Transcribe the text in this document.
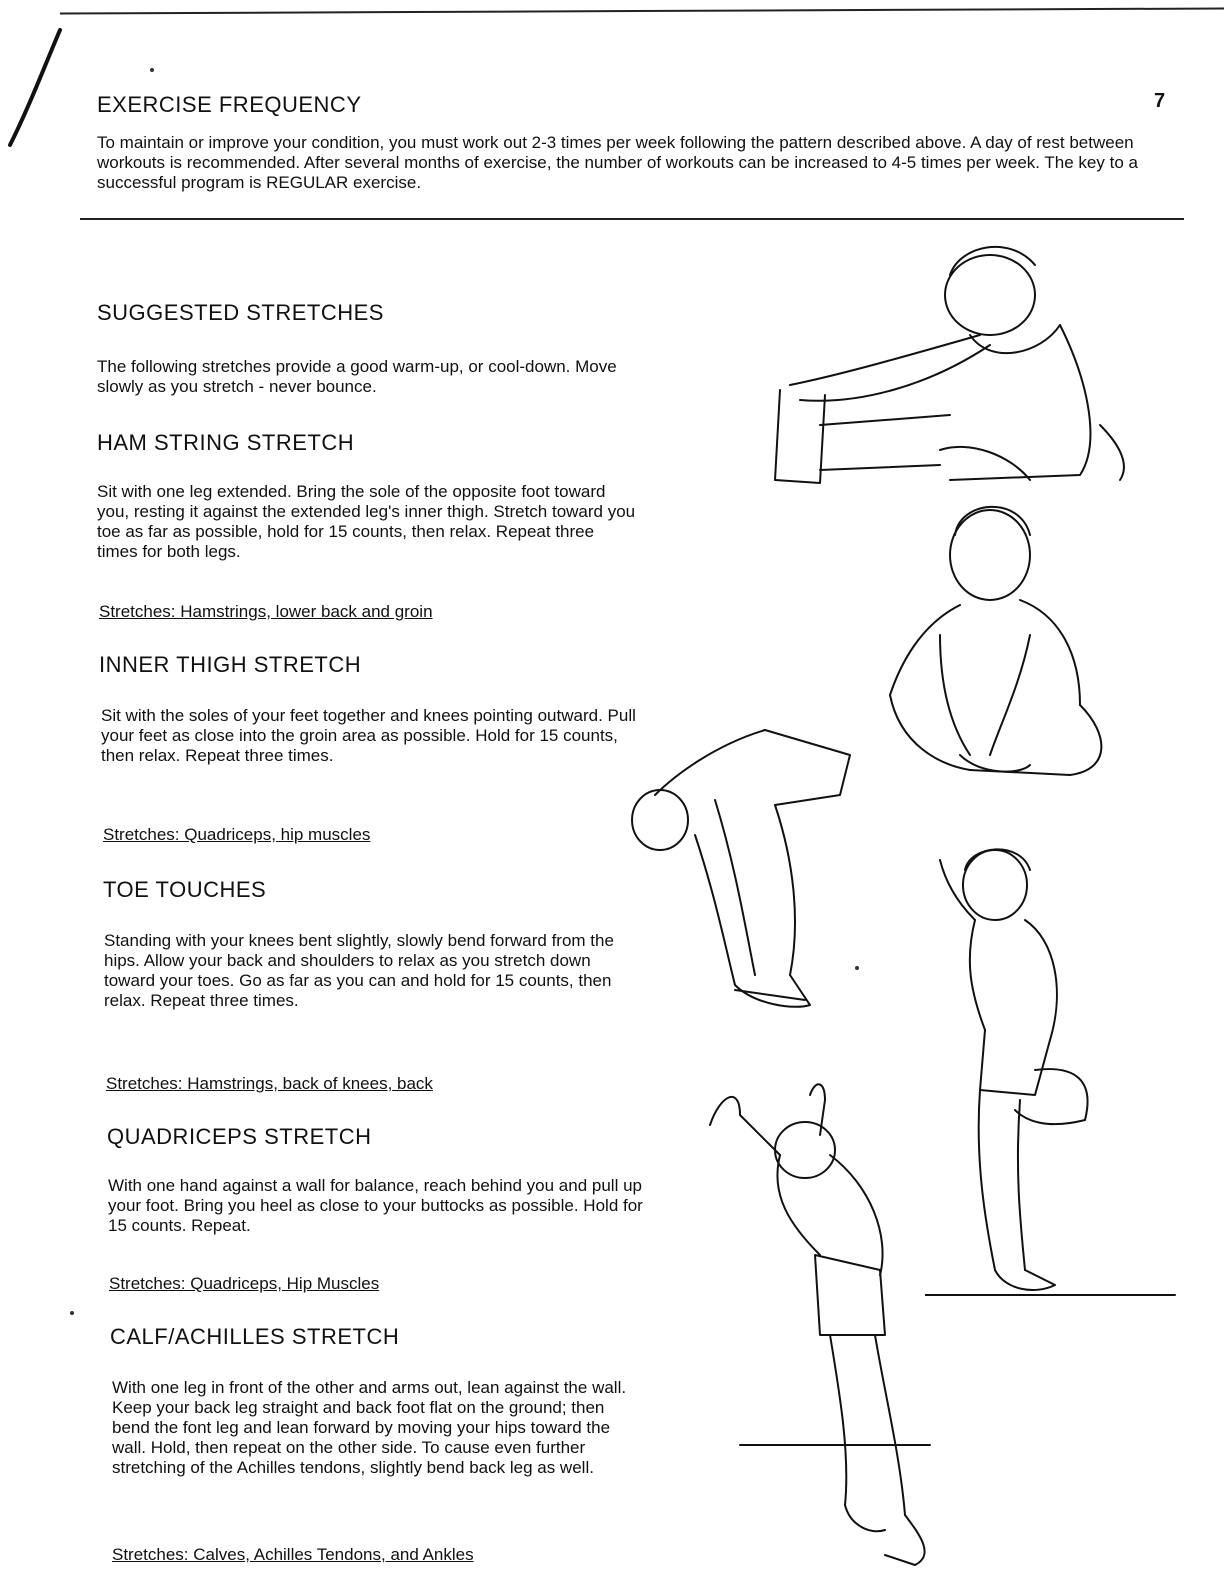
EXERCISE FREQUENCY	7

To maintain or improve your condition, you must work out 2-3 times per week following the pattern described above. A day of rest between workouts is recommended. After several months of exercise, the number of workouts can be increased to 4-5 times per week. The key to a successful program is REGULAR exercise.

SUGGESTED STRETCHES

The following stretches provide a good warm-up, or cool-down. Move slowly as you stretch - never bounce.

HAM STRING STRETCH

Sit with one leg extended. Bring the sole of the opposite foot toward you, resting it against the extended leg's inner thigh. Stretch toward you toe as far as possible, hold for 15 counts, then relax. Repeat three times for both legs.

Stretches: Hamstrings, lower back and groin

INNER THIGH STRETCH

Sit with the soles of your feet together and knees pointing outward. Pull your feet as close into the groin area as possible. Hold for 15 counts, then relax. Repeat three times.

Stretches: Quadriceps, hip muscles

TOE TOUCHES

Standing with your knees bent slightly, slowly bend forward from the hips. Allow your back and shoulders to relax as you stretch down toward your toes. Go as far as you can and hold for 15 counts, then relax. Repeat three times.

Stretches: Hamstrings, back of knees, back

QUADRICEPS STRETCH

With one hand against a wall for balance, reach behind you and pull up your foot. Bring you heel as close to your buttocks as possible. Hold for 15 counts. Repeat.

Stretches: Quadriceps, Hip Muscles

CALF/ACHILLES STRETCH

With one leg in front of the other and arms out, lean against the wall. Keep your back leg straight and back foot flat on the ground; then bend the font leg and lean forward by moving your hips toward the wall. Hold, then repeat on the other side. To cause even further stretching of the Achilles tendons, slightly bend back leg as well.

Stretches: Calves, Achilles Tendons, and Ankles
